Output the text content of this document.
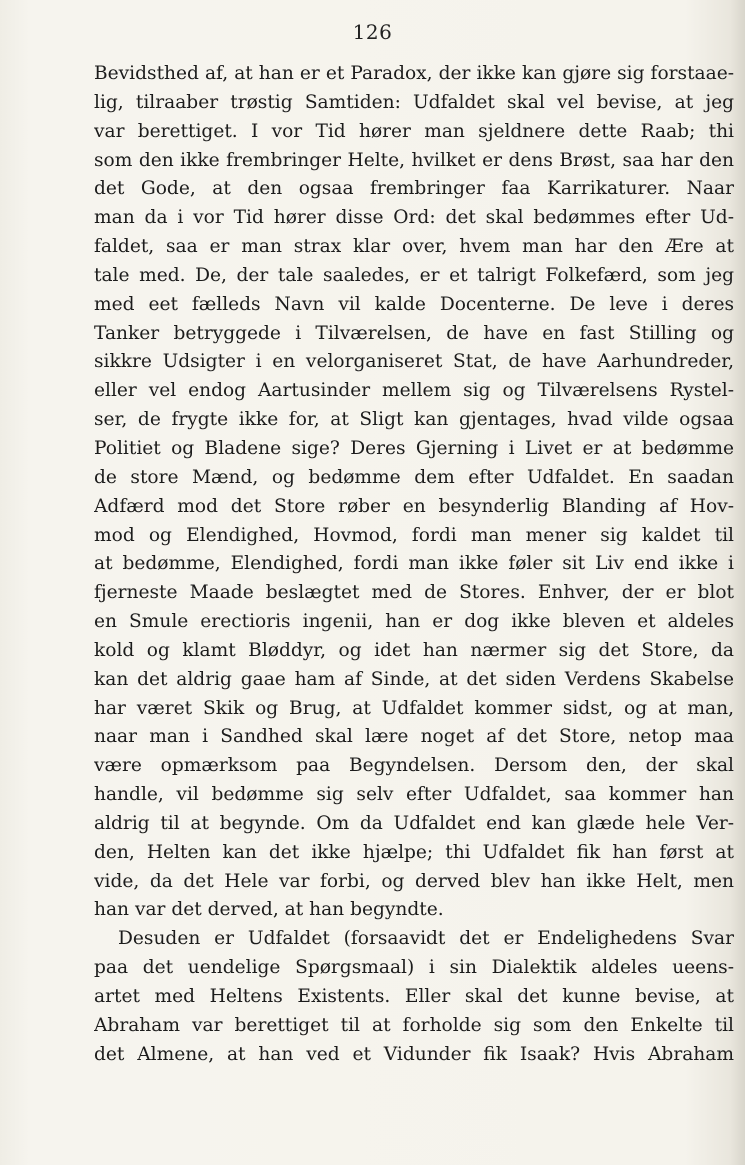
126
Bevidsthed af, at han er et Paradox, der ikke kan gjøre sig forstaae-
lig, tilraaber trøstig Samtiden: Udfaldet skal vel bevise, at jeg
var berettiget. I vor Tid hører man sjeldnere dette Raab; thi
som den ikke frembringer Helte, hvilket er dens Brøst, saa har den
det Gode, at den ogsaa frembringer faa Karrikaturer. Naar
man da i vor Tid hører disse Ord: det skal bedømmes efter Ud-
faldet, saa er man strax klar over, hvem man har den Ære at
tale med. De, der tale saaledes, er et talrigt Folkefærd, som jeg
med eet fælleds Navn vil kalde Docenterne. De leve i deres
Tanker betryggede i Tilværelsen, de have en fast Stilling og
sikkre Udsigter i en velorganiseret Stat, de have Aarhundreder,
eller vel endog Aartusinder mellem sig og Tilværelsens Rystel-
ser, de frygte ikke for, at Sligt kan gjentages, hvad vilde ogsaa
Politiet og Bladene sige? Deres Gjerning i Livet er at bedømme
de store Mænd, og bedømme dem efter Udfaldet. En saadan
Adfærd mod det Store røber en besynderlig Blanding af Hov-
mod og Elendighed, Hovmod, fordi man mener sig kaldet til
at bedømme, Elendighed, fordi man ikke føler sit Liv end ikke i
fjerneste Maade beslægtet med de Stores. Enhver, der er blot
en Smule erectioris ingenii, han er dog ikke bleven et aldeles
kold og klamt Bløddyr, og idet han nærmer sig det Store, da
kan det aldrig gaae ham af Sinde, at det siden Verdens Skabelse
har været Skik og Brug, at Udfaldet kommer sidst, og at man,
naar man i Sandhed skal lære noget af det Store, netop maa
være opmærksom paa Begyndelsen. Dersom den, der skal
handle, vil bedømme sig selv efter Udfaldet, saa kommer han
aldrig til at begynde. Om da Udfaldet end kan glæde hele Ver-
den, Helten kan det ikke hjælpe; thi Udfaldet fik han først at
vide, da det Hele var forbi, og derved blev han ikke Helt, men
han var det derved, at han begyndte.
Desuden er Udfaldet (forsaavidt det er Endelighedens Svar
paa det uendelige Spørgsmaal) i sin Dialektik aldeles ueens-
artet med Heltens Existents. Eller skal det kunne bevise, at
Abraham var berettiget til at forholde sig som den Enkelte til
det Almene, at han ved et Vidunder fik Isaak? Hvis Abraham
